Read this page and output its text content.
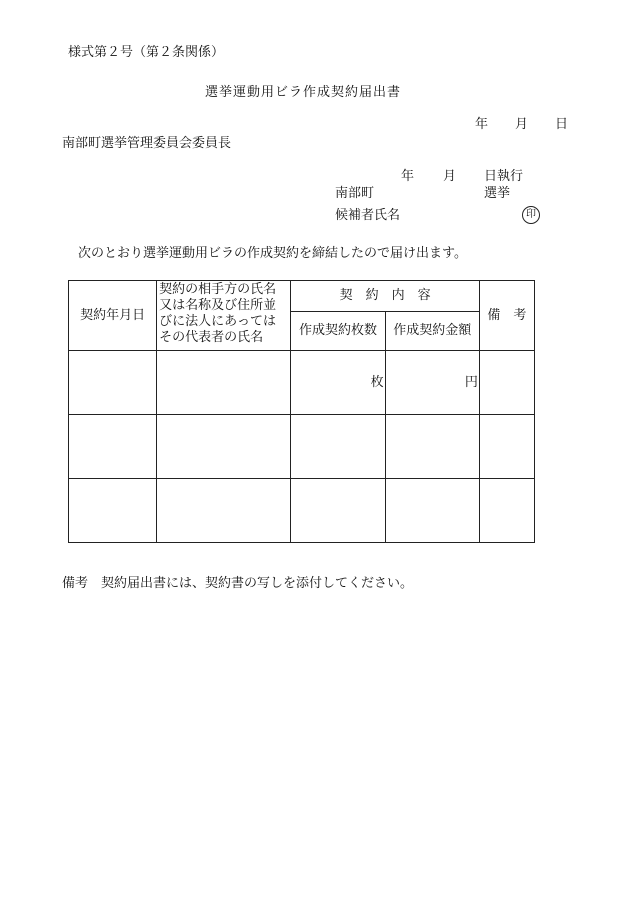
様式第２号（第２条関係）
選挙運動用ビラ作成契約届出書
年 月 日
南部町選挙管理委員会委員長
年 月 日執行
南部町	選挙
候補者氏名	印
次のとおり選挙運動用ビラの作成契約を締結したので届け出ます。
契約年月日	契約の相手方の氏名又は名称及び住所並びに法人にあってはその代表者の氏名	契　約　内　容		備　考
		作成契約枚数	作成契約金額	
		枚	円	

備考　契約届出書には、契約書の写しを添付してください。
